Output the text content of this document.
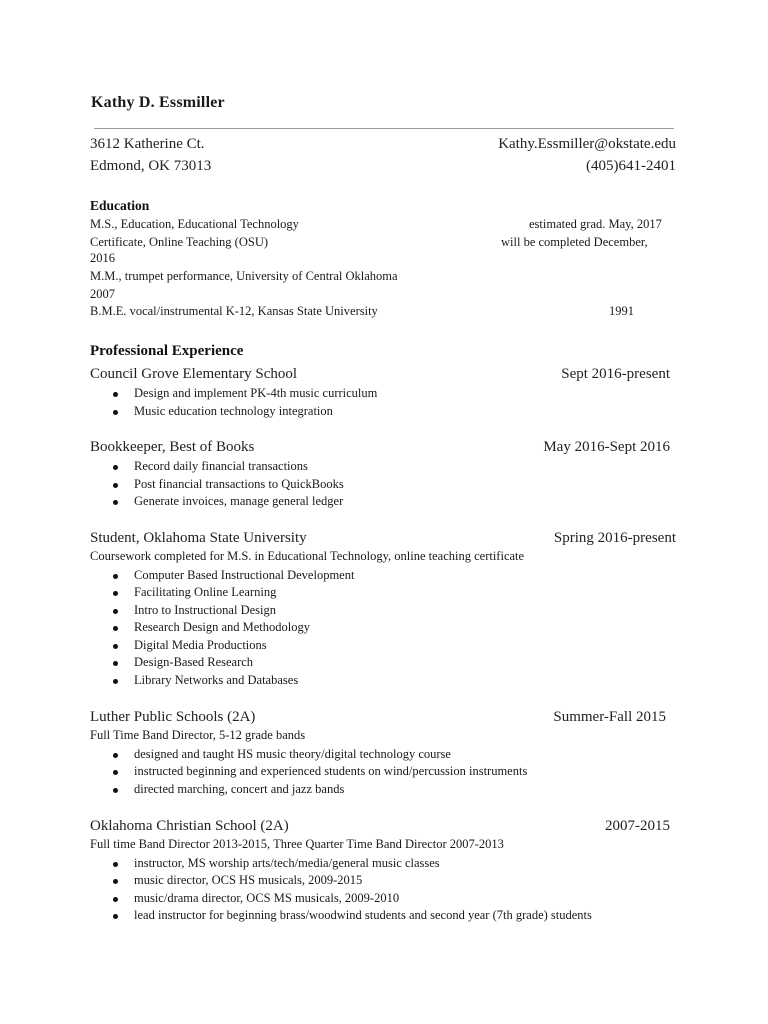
Kathy D. Essmiller
3612 Katherine Ct.	Kathy.Essmiller@okstate.edu
Edmond, OK 73013	(405)641-2401
Education
M.S., Education, Educational Technology	estimated grad. May, 2017
Certificate, Online Teaching (OSU)	will be completed December,
2016
M.M., trumpet performance, University of Central Oklahoma
2007
B.M.E. vocal/instrumental K-12, Kansas State University	1991
Professional Experience
Council Grove Elementary School	Sept 2016-present
Design and implement PK-4th music curriculum
Music education technology integration
Bookkeeper, Best of Books	May 2016-Sept 2016
Record daily financial transactions
Post financial transactions to QuickBooks
Generate invoices, manage general ledger
Student, Oklahoma State University	Spring 2016-present
Coursework completed for M.S. in Educational Technology, online teaching certificate
Computer Based Instructional Development
Facilitating Online Learning
Intro to Instructional Design
Research Design and Methodology
Digital Media Productions
Design-Based Research
Library Networks and Databases
Luther Public Schools (2A)	Summer-Fall 2015
Full Time Band Director, 5-12 grade bands
designed and taught HS music theory/digital technology course
instructed beginning and experienced students on wind/percussion instruments
directed marching, concert and jazz bands
Oklahoma Christian School (2A)	2007-2015
Full time Band Director 2013-2015, Three Quarter Time Band Director 2007-2013
instructor, MS worship arts/tech/media/general music classes
music director, OCS HS musicals, 2009-2015
music/drama director, OCS MS musicals, 2009-2010
lead instructor for beginning brass/woodwind students and second year (7th grade) students
